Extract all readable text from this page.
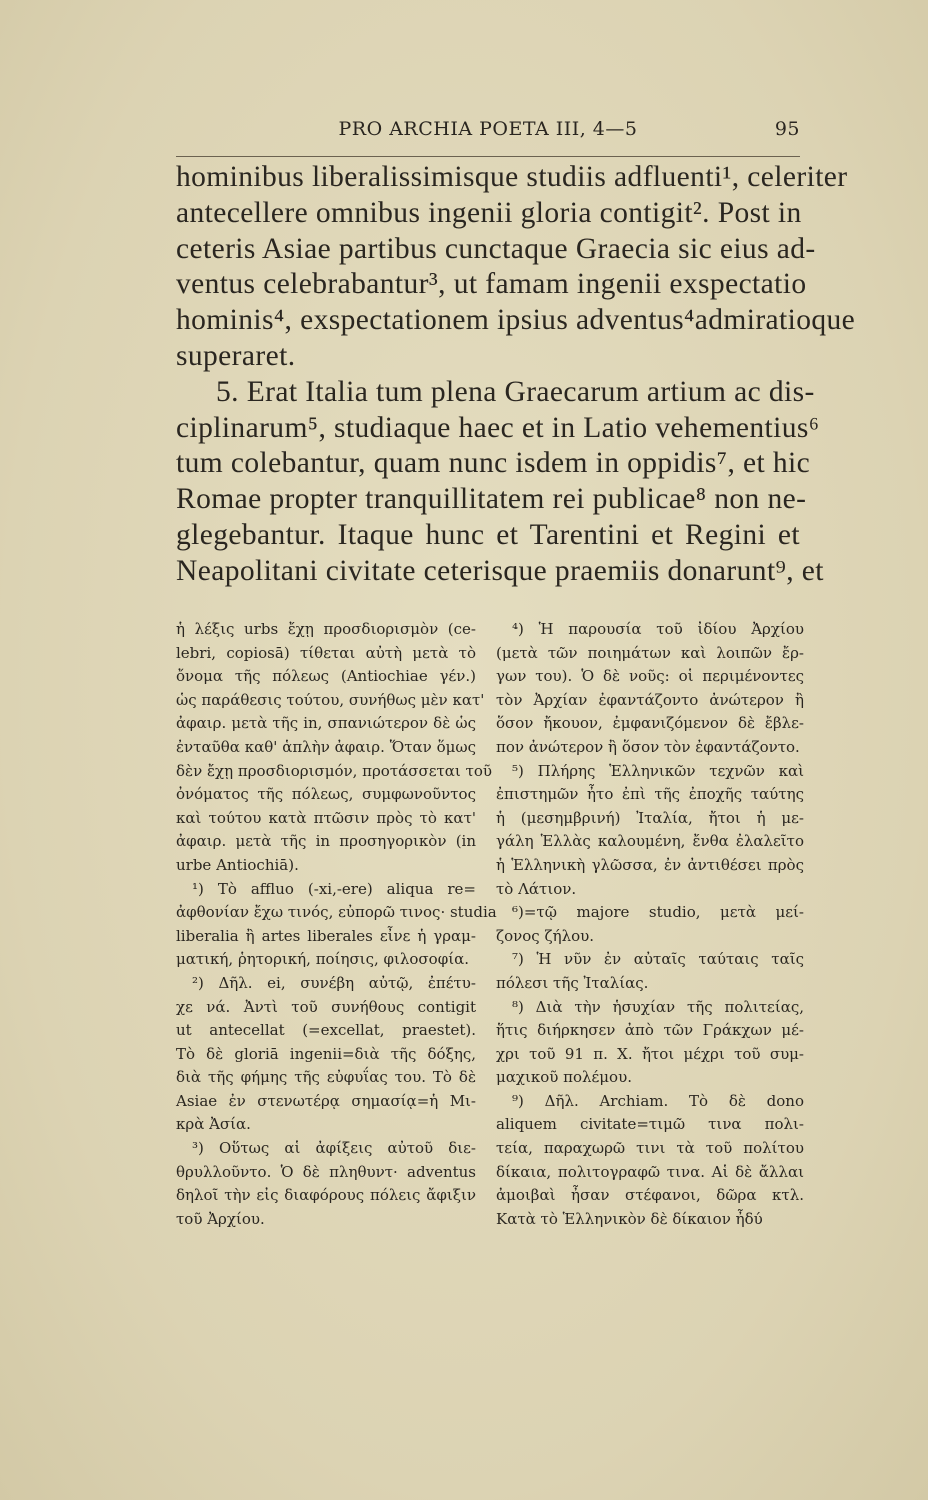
PRO ARCHIA POETA III, 4—5	95
hominibus liberalissimisque studiis adfluenti¹, celeriter
antecellere omnibus ingenii gloria contigit². Post in
ceteris Asiae partibus cunctaque Graecia sic eius ad-
ventus celebrabantur³, ut famam ingenii exspectatio
hominis⁴, exspectationem ipsius adventus⁴admiratioque
superaret.
5. Erat Italia tum plena Graecarum artium ac dis-
ciplinarum⁵, studiaque haec et in Latio vehementius⁶
tum colebantur, quam nunc isdem in oppidis⁷, et hic
Romae propter tranquillitatem rei publicae⁸ non ne-
glegebantur. Itaque hunc et Tarentini et Regini et
Neapolitani civitate ceterisque praemiis donarunt⁹, et
ἡ λέξις urbs ἔχῃ προσδιορισμὸν (ce-
lebri, copiosā) τίθεται αὐτὴ μετὰ τὸ
ὄνομα τῆς πόλεως (Antiochiae γέν.)
ὡς παράθεσις τούτου, συνήθως μὲν κατ'
ἀφαιρ. μετὰ τῆς in, σπανιώτερον δὲ ὡς
ἐνταῦθα καθ' ἁπλὴν ἀφαιρ. Ὅταν ὅμως
δὲν ἔχῃ προσδιορισμόν, προτάσσεται τοῦ
ὀνόματος τῆς πόλεως, συμφωνοῦντος
καὶ τούτου κατὰ πτῶσιν πρὸς τὸ κατ'
ἀφαιρ. μετὰ τῆς in προσηγορικὸν (in
urbe Antiochiā).
¹) Τὸ affluo (-xi,-ere) aliqua re=
ἀφθονίαν ἔχω τινός, εὐπορῶ τινος· studia
liberalia ἢ artes liberales εἶνε ἡ γραμ-
ματική, ῥητορική, ποίησις, φιλοσοφία.
²) Δῆλ. ei, συνέβη αὐτῷ, ἐπέτυ-
χε νά. Ἀντὶ τοῦ συνήθους contigit
ut antecellat (=excellat, praestet).
Τὸ δὲ gloriā ingenii=διὰ τῆς δόξης,
διὰ τῆς φήμης τῆς εὐφυΐας του. Τὸ δὲ
Asiae ἐν στενωτέρᾳ σημασίᾳ=ἡ Μι-
κρὰ Ἀσία.
³) Οὕτως αἱ ἀφίξεις αὐτοῦ διε-
θρυλλοῦντο. Ὁ δὲ πληθυντ· adventus
δηλοῖ τὴν εἰς διαφόρους πόλεις ἄφιξιν
τοῦ Ἀρχίου.
⁴) Ἡ παρουσία τοῦ ἰδίου Ἀρχίου
(μετὰ τῶν ποιημάτων καὶ λοιπῶν ἔρ-
γων του). Ὁ δὲ νοῦς: οἱ περιμένοντες
τὸν Ἀρχίαν ἐφαντάζοντο ἀνώτερον ἢ
ὅσον ἤκουον, ἐμφανιζόμενον δὲ ἔβλε-
πον ἀνώτερον ἢ ὅσον τὸν ἐφαντάζοντο.
⁵) Πλήρης Ἑλληνικῶν τεχνῶν καὶ
ἐπιστημῶν ἦτο ἐπὶ τῆς ἐποχῆς ταύτης
ἡ (μεσημβρινή) Ἰταλία, ἤτοι ἡ με-
γάλη Ἑλλὰς καλουμένη, ἔνθα ἐλαλεῖτο
ἡ Ἑλληνικὴ γλῶσσα, ἐν ἀντιθέσει πρὸς
τὸ Λάτιον.
⁶)=τῷ majore studio, μετὰ μεί-
ζονος ζήλου.
⁷) Ἡ νῦν ἐν αὐταῖς ταύταις ταῖς
πόλεσι τῆς Ἰταλίας.
⁸) Διὰ τὴν ἡσυχίαν τῆς πολιτείας,
ἥτις διήρκησεν ἀπὸ τῶν Γράκχων μέ-
χρι τοῦ 91 π. Χ. ἤτοι μέχρι τοῦ συμ-
μαχικοῦ πολέμου.
⁹) Δῆλ. Archiam. Τὸ δὲ dono
aliquem civitate=τιμῶ τινα πολι-
τεία, παραχωρῶ τινι τὰ τοῦ πολίτου
δίκαια, πολιτογραφῶ τινα. Αἱ δὲ ἄλλαι
ἀμοιβαὶ ἦσαν στέφανοι, δῶρα κτλ.
Κατὰ τὸ Ἑλληνικὸν δὲ δίκαιον ἦδύ
